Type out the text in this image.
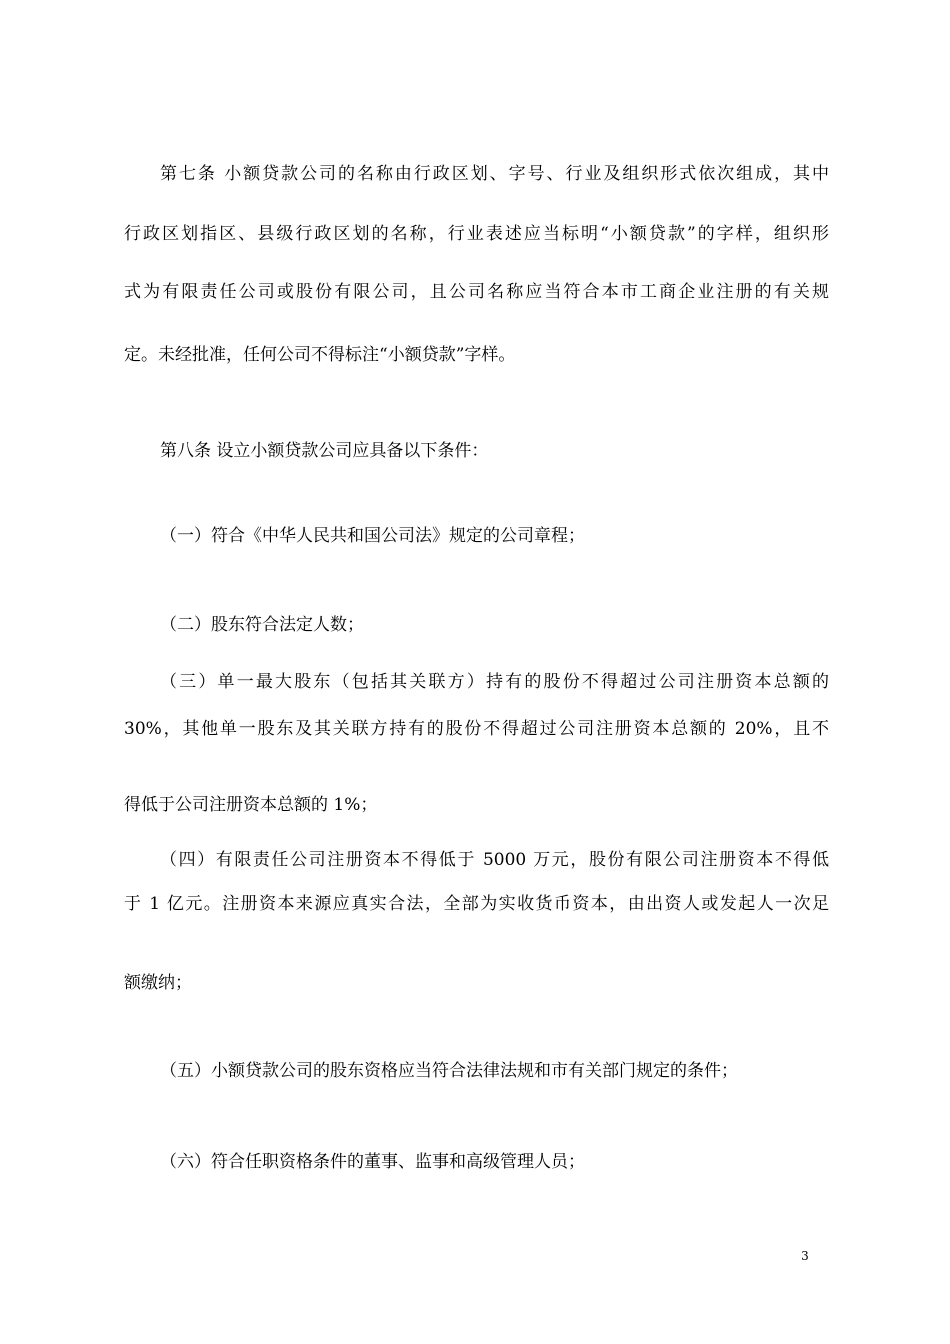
第七条 小额贷款公司的名称由行政区划、字号、行业及组织形式依次组成，其中
行政区划指区、县级行政区划的名称，行业表述应当标明“小额贷款”的字样，组织形
式为有限责任公司或股份有限公司，且公司名称应当符合本市工商企业注册的有关规
定。未经批准，任何公司不得标注“小额贷款”字样。
第八条 设立小额贷款公司应具备以下条件：
（一）符合《中华人民共和国公司法》规定的公司章程；
（二）股东符合法定人数；
（三）单一最大股东（包括其关联方）持有的股份不得超过公司注册资本总额的
30%，其他单一股东及其关联方持有的股份不得超过公司注册资本总额的 20%，且不
得低于公司注册资本总额的 1%；
（四）有限责任公司注册资本不得低于 5000 万元，股份有限公司注册资本不得低
于 1 亿元。注册资本来源应真实合法，全部为实收货币资本，由出资人或发起人一次足
额缴纳；
（五）小额贷款公司的股东资格应当符合法律法规和市有关部门规定的条件；
（六）符合任职资格条件的董事、监事和高级管理人员；
3
